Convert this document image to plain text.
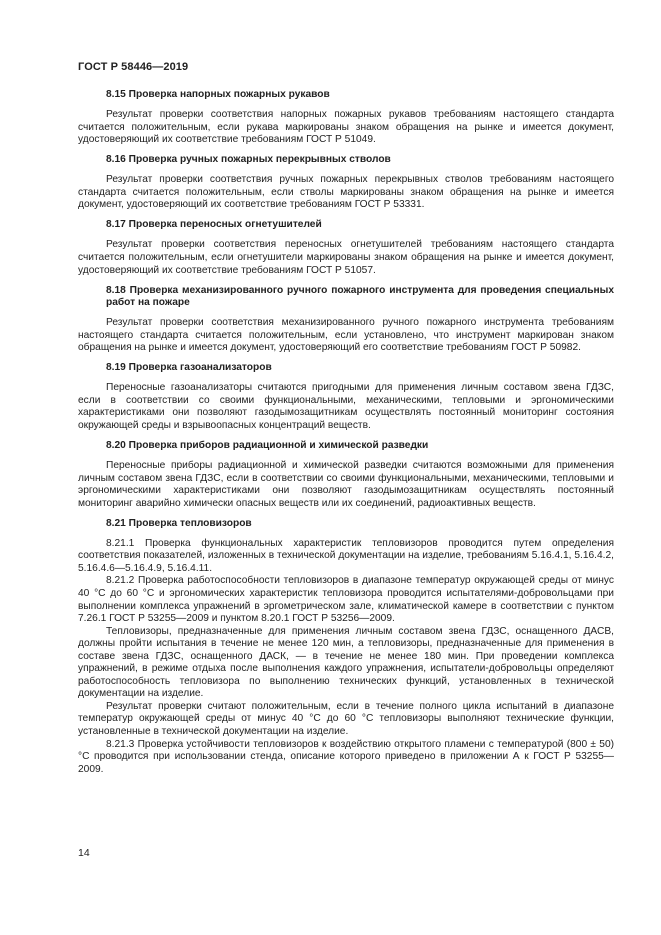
ГОСТ Р 58446—2019

8.15 Проверка напорных пожарных рукавов

Результат проверки соответствия напорных пожарных рукавов требованиям настоящего стандарта считается положительным, если рукава маркированы знаком обращения на рынке и имеется документ, удостоверяющий их соответствие требованиям ГОСТ Р 51049.

8.16 Проверка ручных пожарных перекрывных стволов

Результат проверки соответствия ручных пожарных перекрывных стволов требованиям настоящего стандарта считается положительным, если стволы маркированы знаком обращения на рынке и имеется документ, удостоверяющий их соответствие требованиям ГОСТ Р 53331.

8.17 Проверка переносных огнетушителей

Результат проверки соответствия переносных огнетушителей требованиям настоящего стандарта считается положительным, если огнетушители маркированы знаком обращения на рынке и имеется документ, удостоверяющий их соответствие требованиям ГОСТ Р 51057.

8.18 Проверка механизированного ручного пожарного инструмента для проведения специальных работ на пожаре

Результат проверки соответствия механизированного ручного пожарного инструмента требованиям настоящего стандарта считается положительным, если установлено, что инструмент маркирован знаком обращения на рынке и имеется документ, удостоверяющий его соответствие требованиям ГОСТ Р 50982.

8.19 Проверка газоанализаторов

Переносные газоанализаторы считаются пригодными для применения личным составом звена ГДЗС, если в соответствии со своими функциональными, механическими, тепловыми и эргономическими характеристиками они позволяют газодымозащитникам осуществлять постоянный мониторинг состояния окружающей среды и взрывоопасных концентраций веществ.

8.20 Проверка приборов радиационной и химической разведки

Переносные приборы радиационной и химической разведки считаются возможными для применения личным составом звена ГДЗС, если в соответствии со своими функциональными, механическими, тепловыми и эргономическими характеристиками они позволяют газодымозащитникам осуществлять постоянный мониторинг аварийно химически опасных веществ или их соединений, радиоактивных веществ.

8.21 Проверка тепловизоров

8.21.1 Проверка функциональных характеристик тепловизоров проводится путем определения соответствия показателей, изложенных в технической документации на изделие, требованиям 5.16.4.1, 5.16.4.2, 5.16.4.6—5.16.4.9, 5.16.4.11.

8.21.2 Проверка работоспособности тепловизоров в диапазоне температур окружающей среды от минус 40 °С до 60 °С и эргономических характеристик тепловизора проводится испытателями-добровольцами при выполнении комплекса упражнений в эргометрическом зале, климатической камере в соответствии с пунктом 7.26.1 ГОСТ Р 53255—2009 и пунктом 8.20.1 ГОСТ Р 53256—2009.

Тепловизоры, предназначенные для применения личным составом звена ГДЗС, оснащенного ДАСВ, должны пройти испытания в течение не менее 120 мин, а тепловизоры, предназначенные для применения в составе звена ГДЗС, оснащенного ДАСК, — в течение не менее 180 мин. При проведении комплекса упражнений, в режиме отдыха после выполнения каждого упражнения, испытатели-добровольцы определяют работоспособность тепловизора по выполнению технических функций, установленных в технической документации на изделие.

Результат проверки считают положительным, если в течение полного цикла испытаний в диапазоне температур окружающей среды от минус 40 °С до 60 °С тепловизоры выполняют технические функции, установленные в технической документации на изделие.

8.21.3 Проверка устойчивости тепловизоров к воздействию открытого пламени с температурой (800 ± 50) °С проводится при использовании стенда, описание которого приведено в приложении А к ГОСТ Р 53255—2009.

14
